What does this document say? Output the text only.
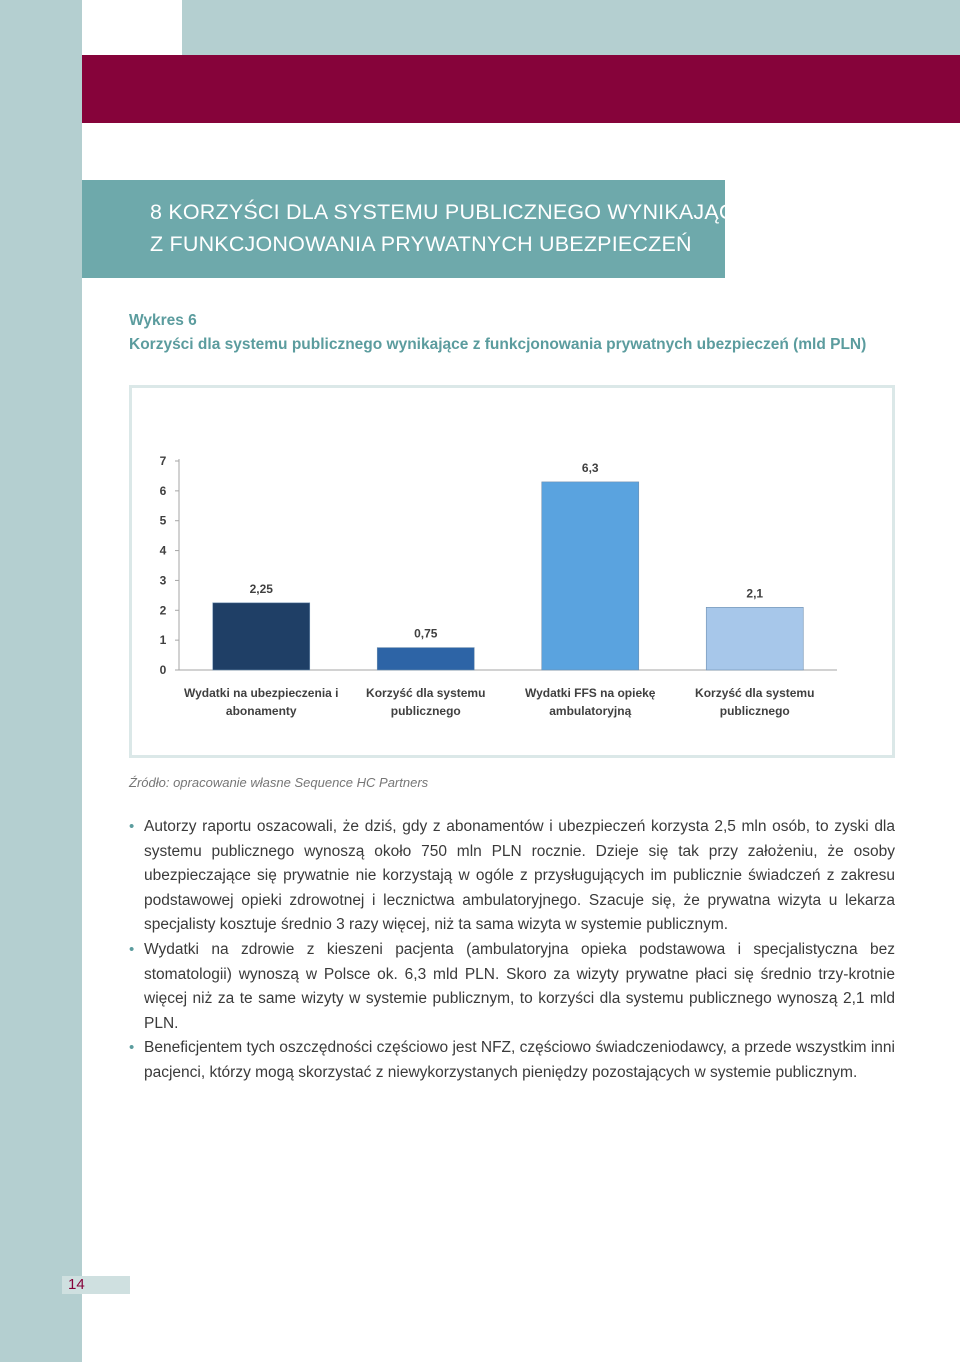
8 KORZYŚCI DLA SYSTEMU PUBLICZNEGO WYNIKAJĄCE
Z FUNKCJONOWANIA PRYWATNYCH UBEZPIECZEŃ
Wykres 6
Korzyści dla systemu publicznego wynikające z funkcjonowania prywatnych ubezpieczeń (mld PLN)
0
1
2
3
4
5
6
7
2,25
Wydatki na ubezpieczenia i
abonamenty
0,75
Korzyść dla systemu
publicznego
6,3
Wydatki FFS na opiekę
ambulatoryjną
2,1
Korzyść dla systemu
publicznego
Źródło: opracowanie własne Sequence HC Partners
• Autorzy raportu oszacowali, że dziś, gdy z abonamentów i ubezpieczeń korzysta 2,5 mln osób, to zyski dla systemu publicznego wynoszą około 750 mln PLN rocznie. Dzieje się tak przy założeniu, że osoby ubezpieczające się prywatnie nie korzystają w ogóle z przysługujących im publicznie świadczeń z zakresu podstawowej opieki zdrowotnej i lecznictwa ambulatoryjnego. Szacuje się, że prywatna wizyta u lekarza specjalisty kosztuje średnio 3 razy więcej, niż ta sama wizyta w systemie publicznym.
• Wydatki na zdrowie z kieszeni pacjenta (ambulatoryjna opieka podstawowa i specjalistyczna bez stomatologii) wynoszą w Polsce ok. 6,3 mld PLN. Skoro za wizyty prywatne płaci się średnio trzy-krotnie więcej niż za te same wizyty w systemie publicznym, to korzyści dla systemu publicznego wynoszą 2,1 mld PLN.
• Beneficjentem tych oszczędności częściowo jest NFZ, częściowo świadczeniodawcy, a przede wszystkim inni pacjenci, którzy mogą skorzystać z niewykorzystanych pieniędzy pozostających w systemie publicznym.
14
